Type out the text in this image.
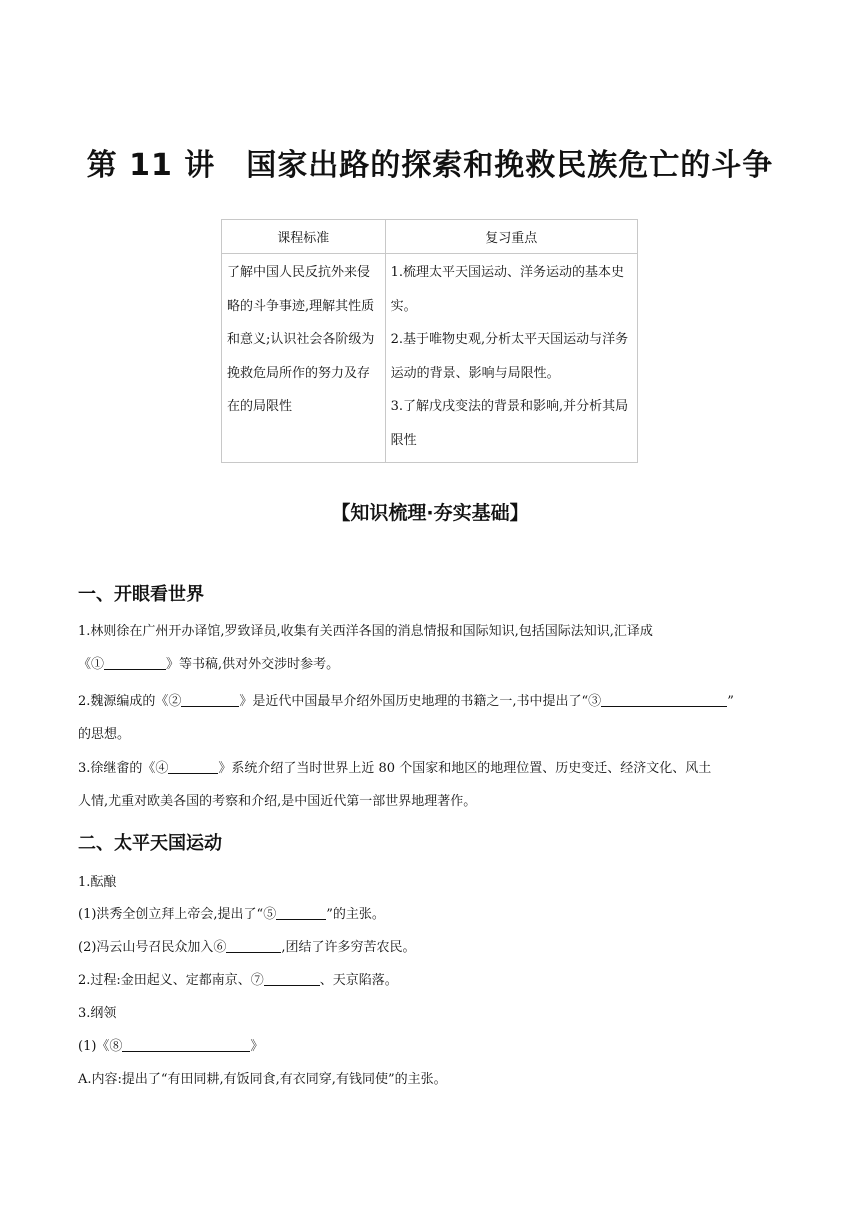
第 11 讲　国家出路的探索和挽救民族危亡的斗争
课程标准	复习重点
了解中国人民反抗外来侵略的斗争事迹,理解其性质和意义;认识社会各阶级为挽救危局所作的努力及存在的局限性	1.梳理太平天国运动、洋务运动的基本史实。
2.基于唯物史观,分析太平天国运动与洋务运动的背景、影响与局限性。
3.了解戊戌变法的背景和影响,并分析其局限性
【知识梳理·夯实基础】
一、开眼看世界
1.林则徐在广州开办译馆,罗致译员,收集有关西洋各国的消息情报和国际知识,包括国际法知识,汇译成
《①	》等书稿,供对外交涉时参考。
2.魏源编成的《②	》是近代中国最早介绍外国历史地理的书籍之一,书中提出了“③	”
的思想。
3.徐继畬的《④	》系统介绍了当时世界上近 80 个国家和地区的地理位置、历史变迁、经济文化、风土
人情,尤重对欧美各国的考察和介绍,是中国近代第一部世界地理著作。
二、太平天国运动
1.酝酿
(1)洪秀全创立拜上帝会,提出了“⑤	”的主张。
(2)冯云山号召民众加入⑥	,团结了许多穷苦农民。
2.过程:金田起义、定都南京、⑦	、天京陷落。
3.纲领
(1)《⑧	》
A.内容:提出了“有田同耕,有饭同食,有衣同穿,有钱同使”的主张。
